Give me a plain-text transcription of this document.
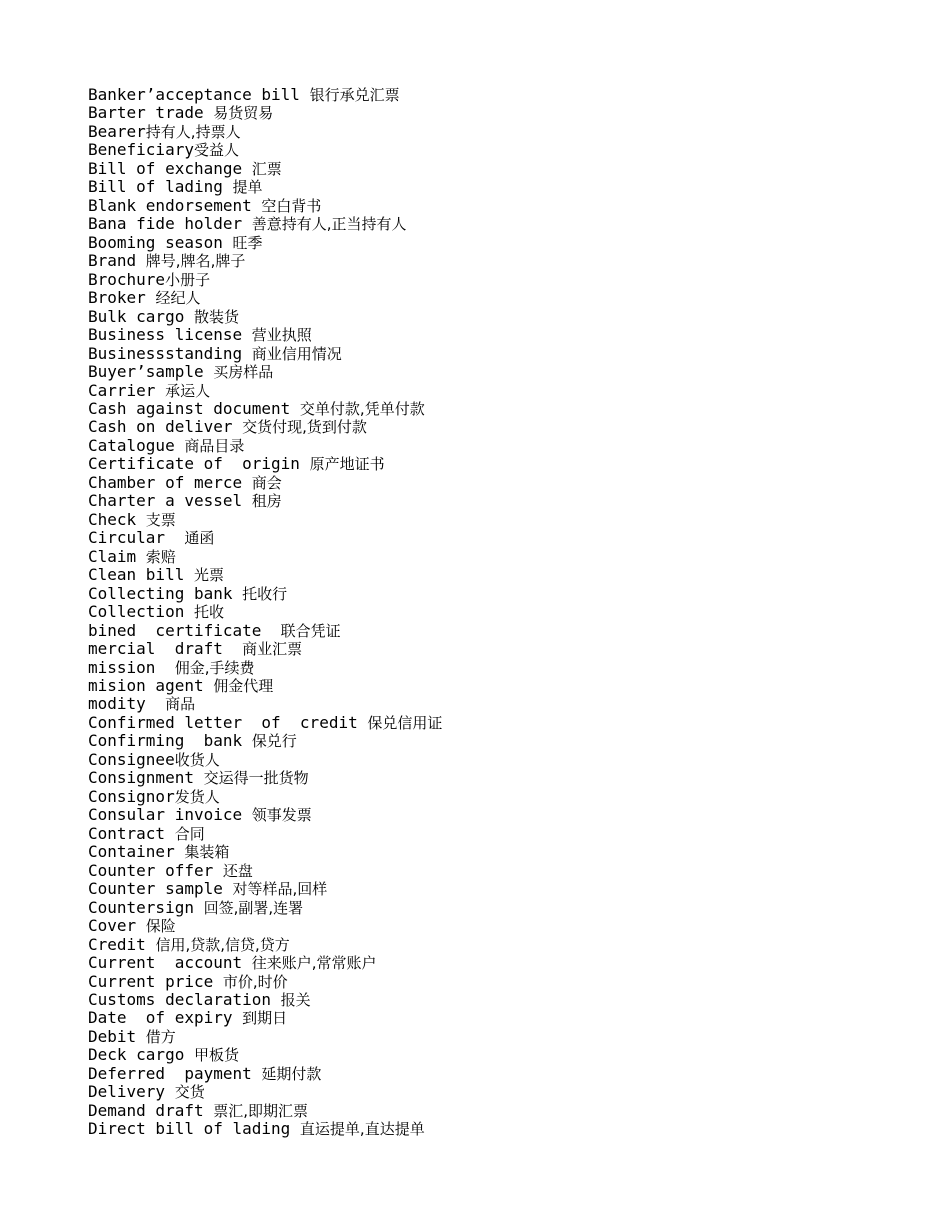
Banker’acceptance bill 银行承兑汇票
Barter trade 易货贸易
Bearer持有人,持票人
Beneficiary受益人
Bill of exchange 汇票
Bill of lading 提单
Blank endorsement 空白背书
Bana fide holder 善意持有人,正当持有人
Booming season 旺季
Brand 牌号,牌名,牌子
Brochure小册子
Broker 经纪人
Bulk cargo 散装货
Business license 营业执照
Businessstanding 商业信用情况
Buyer’sample 买房样品
Carrier 承运人
Cash against document 交单付款,凭单付款
Cash on deliver 交货付现,货到付款
Catalogue 商品目录
Certificate of  origin 原产地证书
Chamber of merce 商会
Charter a vessel 租房
Check 支票
Circular  通函
Claim 索赔
Clean bill 光票
Collecting bank 托收行
Collection 托收
bined  certificate  联合凭证
mercial  draft  商业汇票
mission  佣金,手续费
mision agent 佣金代理
modity  商品
Confirmed letter  of  credit 保兑信用证
Confirming  bank 保兑行
Consignee收货人
Consignment 交运得一批货物
Consignor发货人
Consular invoice 领事发票
Contract 合同
Container 集装箱
Counter offer 还盘
Counter sample 对等样品,回样
Countersign 回签,副署,连署
Cover 保险
Credit 信用,贷款,信贷,贷方
Current  account 往来账户,常常账户
Current price 市价,时价
Customs declaration 报关
Date  of expiry 到期日
Debit 借方
Deck cargo 甲板货
Deferred  payment 延期付款
Delivery 交货
Demand draft 票汇,即期汇票
Direct bill of lading 直运提单,直达提单
